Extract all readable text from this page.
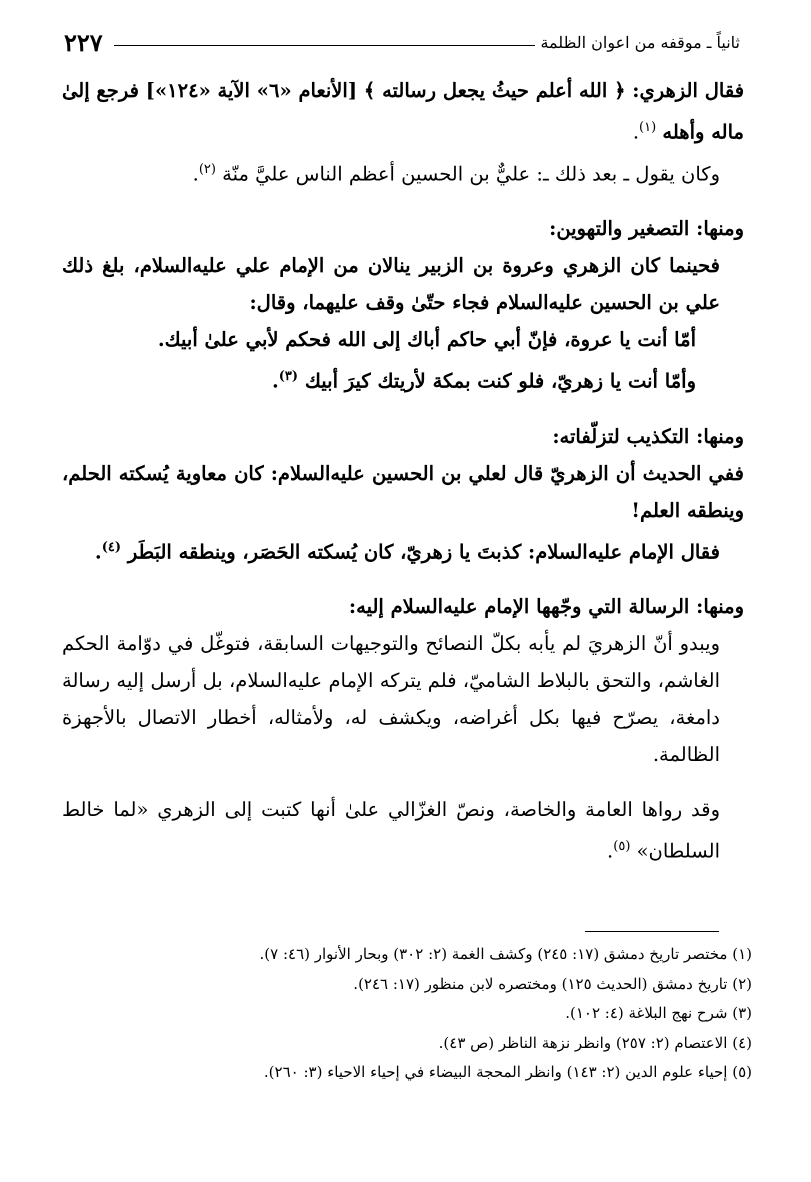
٢٢٧	ثانياً ـ موقفه من اعوان الظلمة

فقال الزهري: ﴿ الله أعلم حيثُ يجعل رسالته ﴾ [الأنعام «٦» الآية «١٢٤»] فرجع إلىٰ ماله وأهله $^{(١)}$.

وكان يقول ـ بعد ذلك ـ: عليٌّ بن الحسين أعظم الناس عليَّ منّة $^{(٢)}$.

ومنها: التصغير والتهوين:

فحينما كان الزهري وعروة بن الزبير ينالان من الإمام علي عليه‌السلام، بلغ ذلك علي بن الحسين عليه‌السلام فجاء حتّىٰ وقف عليهما، وقال:

أمّا أنت يا عروة، فإنّ أبي حاكم أباك إلى الله فحكم لأبي علىٰ أبيك.

وأمّا أنت يا زهريّ، فلو كنت بمكة لأريتك كيرَ أبيك $^{(٣)}$.

ومنها: التكذيب لتزلّفاته:

ففي الحديث أن الزهريّ قال لعلي بن الحسين عليه‌السلام: كان معاوية يُسكته الحلم، وينطقه العلم!

فقال الإمام عليه‌السلام: كذبتَ يا زهريّ، كان يُسكته الحَصَر، وينطقه البَطَر $^{(٤)}$.

ومنها: الرسالة التي وجّهها الإمام عليه‌السلام إليه:

ويبدو أنّ الزهريَ لم يأبه بكلّ النصائح والتوجيهات السابقة، فتوغّل في دوّامة الحكم الغاشم، والتحق بالبلاط الشاميّ، فلم يتركه الإمام عليه‌السلام، بل أرسل إليه رسالة دامغة، يصرّح فيها بكل أغراضه، ويكشف له، ولأمثاله، أخطار الاتصال بالأجهزة الظالمة.

وقد رواها العامة والخاصة، ونصّ الغزّالي علىٰ أنها كتبت إلى الزهري «لما خالط السلطان» $^{(٥)}$.

(١) مختصر تاريخ دمشق (١٧: ٢٤٥) وكشف الغمة (٢: ٣٠٢) وبحار الأنوار (٤٦: ٧).

(٢) تاريخ دمشق (الحديث ١٢٥) ومختصره لابن منظور (١٧: ٢٤٦).

(٣) شرح نهج البلاغة (٤: ١٠٢).

(٤) الاعتصام (٢: ٢٥٧) وانظر نزهة الناظر (ص ٤٣).

(٥) إحياء علوم الدين (٢: ١٤٣) وانظر المحجة البيضاء في إحياء الاحياء (٣: ٢٦٠).
